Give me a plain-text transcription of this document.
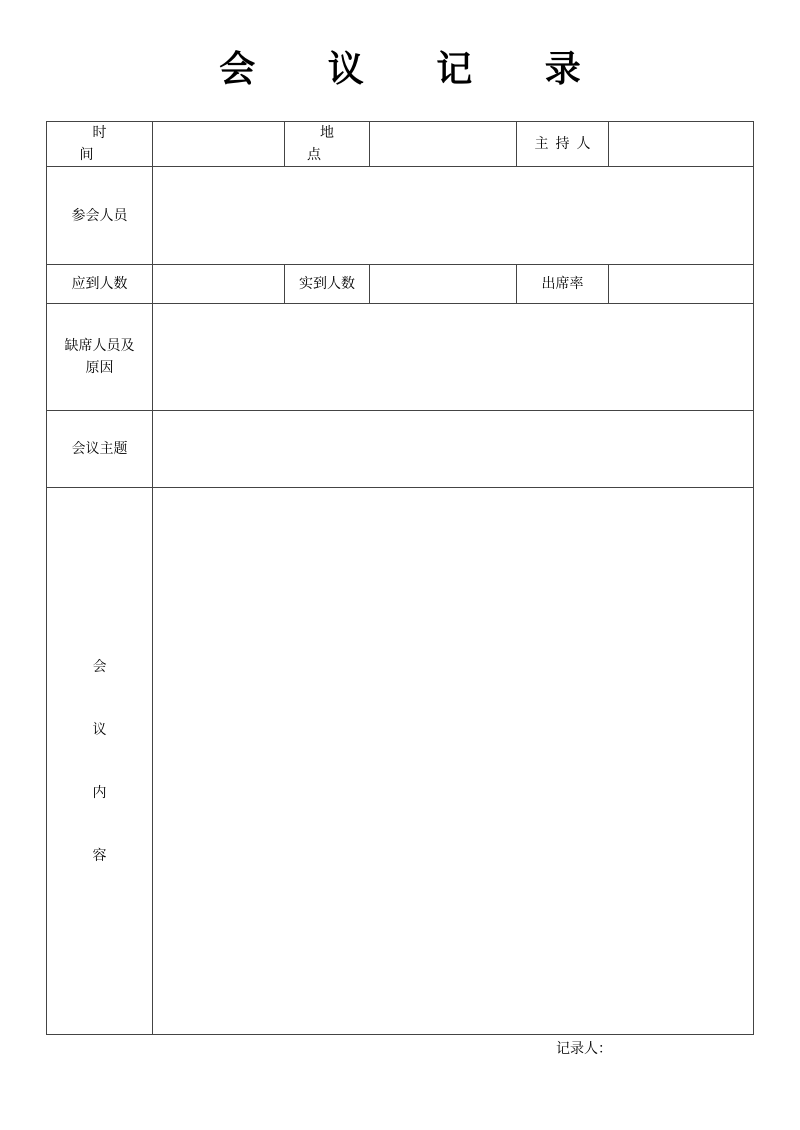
会 议 记 录
时间		地点		主持人	
参会人员					
应到人数		实到人数		出席率	

缺席人员及
原因					

会议主题					

会
议
内
容					

记录人：
